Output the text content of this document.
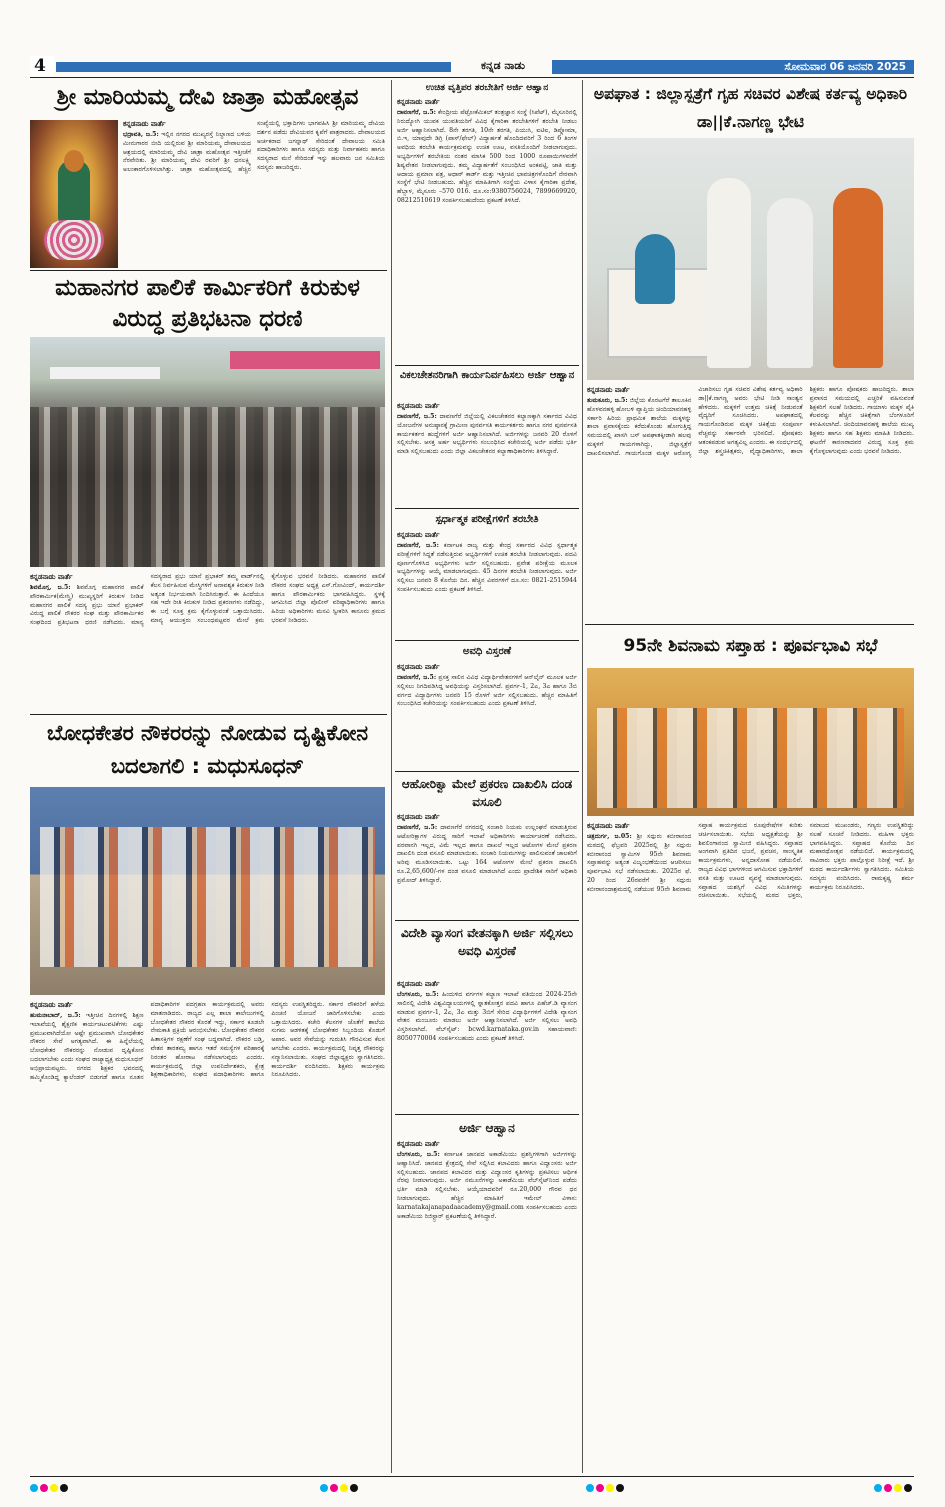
4	ಕನ್ನಡ ನಾಡು	ಸೋಮವಾರ 06 ಜನವರಿ 2025
ಶ್ರೀ ಮಾರಿಯಮ್ಮ ದೇವಿ ಜಾತ್ರಾ ಮಹೋತ್ಸವ
ಕನ್ನಡನಾಡು ವಾರ್ತೆ
ಭದ್ರಾವತಿ, ಜ.5: ಇಲ್ಲಿನ ನಗರದ ಮುಖ್ಯರಸ್ತೆ ನಿಲ್ದಾಣದ ಬಳಿಯ ಮೀನುಗಾರರ ಬೀದಿ ಯಲ್ಲಿರುವ ಶ್ರೀ ಮಾರಿಯಮ್ಮ ದೇವಾಲಯದ ಆಶ್ರಯದಲ್ಲಿ ಮಾರಿಯಮ್ಮ ದೇವಿ ಜಾತ್ರಾ ಮಹೋತ್ಸವ ಇತ್ತೀಚೆಗೆ ನೆರವೇರಿತು. ಶ್ರೀ ಮಾರಿಯಮ್ಮ ದೇವಿ ರವರಿಗೆ ಶ್ರೀ ಧನಲಕ್ಷ್ಮಿ ಅಲಂಕಾರಗೊಳಿಸಲಾಗಿತ್ತು. ಜಾತ್ರಾ ಮಹೋತ್ಸವದಲ್ಲಿ ಹೆಚ್ಚಿನ ಸಂಖ್ಯೆಯಲ್ಲಿ ಭಕ್ತಾದಿಗಳು ಭಾಗವಹಿಸಿ ಶ್ರೀ ಮಾರಿಯಮ್ಮ ದೇವಿಯ ದರ್ಶನ ಪಡೆದು ದೇವಿಯವರ ಕೃಪೆಗೆ ಪಾತ್ರರಾದರು. ದೇವಾಲಯದ ಅರ್ಚಕರಾದ ಜಗನ್ನಾಥ್ ಸೇರಿದಂತೆ ದೇವಾಲಯ ಸಮಿತಿ ಪದಾಧಿಕಾರಿಗಳು ಹಾಗೂ ಸದಸ್ಯರು ಮತ್ತು ನಿರ್ವಾಹಕರು ಹಾಗೂ ಸದಸ್ಯರಾದ ಮನೆ ಸೇರಿದಂತೆ ಇನ್ನು ಹಲವಾರು ಜನ ಸಮಿತಿಯ ಸದಸ್ಯರು ಹಾಜರಿದ್ದರು.
ಮಹಾನಗರ ಪಾಲಿಕೆ ಕಾರ್ಮಿಕರಿಗೆ ಕಿರುಕುಳ ವಿರುದ್ಧ ಪ್ರತಿಭಟನಾ ಧರಣಿ
ಕನ್ನಡನಾಡು ವಾರ್ತೆ
ಶಿವಮೊಗ್ಗ, ಜ.5: ಶಿವಮೊಗ್ಗ ಮಹಾನಗರ ಪಾಲಿಕೆ ಪೌರಕಾರ್ಮಿಕ(ಮೇಸ್ತ್ರಿ) ಮುಖ್ಯಸ್ಥರಿಗೆ ಕಿರುಕುಳ ನೀಡಿದ ಮಹಾನಗರ ಪಾಲಿಕೆ ಸದಸ್ಯ ಪ್ರಭು ಯಾನೆ ಪ್ರಭಾಕರ್ ವಿರುದ್ಧ ಪಾಲಿಕೆ ನೌಕರರ ಸಂಘ ಮತ್ತು ಪೌರಕಾರ್ಮಿಕರ ಸಂಘದಿಂದ ಪ್ರತಿಭಟನಾ ಧರಣಿ ನಡೆಸಿದರು. ಮಾನ್ಯ ಸದಸ್ಯರಾದ ಪ್ರಭು ಯಾನೆ ಪ್ರಭಾಕರ್ ತಮ್ಮ ವಾರ್ಡ್‌ನಲ್ಲಿ ಕೆಲಸ ನಿರ್ವಹಿಸುವ ಮೇಸ್ತ್ರಿಗಳಿಗೆ ಅನಾವಶ್ಯಕ ಕಿರುಕುಳ ನೀಡಿ ಅತ್ಯಂತ ನಿರ್ಭಯವಾಗಿ ನಿಂದಿಸಿರುತ್ತಾರೆ. ಈ ಹಿಂದೆಯೂ ಸಹ ಇದೇ ರೀತಿ ಕಿರುಕುಳ ನೀಡಿದ ಪ್ರಕರಣಗಳು ನಡೆದಿದ್ದು, ಈ ಬಗ್ಗೆ ಸೂಕ್ತ ಕ್ರಮ ಕೈಗೊಳ್ಳುವಂತೆ ಒತ್ತಾಯಿಸಿದರು. ಮಾನ್ಯ ಆಯುಕ್ತರು ಸಂಬಂಧಪಟ್ಟವರ ಮೇಲೆ ಕ್ರಮ ಕೈಗೊಳ್ಳುವ ಭರವಸೆ ನೀಡಿದರು. ಮಹಾನಗರ ಪಾಲಿಕೆ ನೌಕರರ ಸಂಘದ ಅಧ್ಯಕ್ಷ ಎಸ್.ಗೋವಿಂದ್, ಕಾರ್ಯದರ್ಶಿ ಹಾಗೂ ಪೌರಕಾರ್ಮಿಕರು ಭಾಗವಹಿಸಿದ್ದರು. ಸ್ಥಳಕ್ಕೆ ಆಗಮಿಸಿದ ಜಿಲ್ಲಾ ಪೊಲೀಸ್ ವರಿಷ್ಠಾಧಿಕಾರಿಗಳು ಹಾಗೂ ಹಿರಿಯ ಅಧಿಕಾರಿಗಳು ಮನವಿ ಸ್ವೀಕರಿಸಿ ಕಾನೂನು ಕ್ರಮದ ಭರವಸೆ ನೀಡಿದರು.
ಬೋಧಕೇತರ ನೌಕರರನ್ನು ನೋಡುವ ದೃಷ್ಟಿಕೋನ ಬದಲಾಗಲಿ : ಮಧುಸೂಧನ್
ಕನ್ನಡನಾಡು ವಾರ್ತೆ
ಹುಮನಾಬಾದ್, ಜ.5: ಇತ್ತೀಚಿನ ದಿನಗಳಲ್ಲಿ ಶಿಕ್ಷಣ ಇಲಾಖೆಯಲ್ಲಿ ಶೈಕ್ಷಣಿಕ ಕಾರ್ಯಚಟುವಟಿಕೆಗಳು ಎಷ್ಟು ಪ್ರಮುಖವಾಗಿದೆಯೋ ಅಷ್ಟೇ ಪ್ರಮುಖವಾಗಿ ಬೋಧಕೇತರ ನೌಕರರ ಸೇವೆ ಅಗತ್ಯವಾಗಿದೆ. ಈ ಹಿನ್ನೆಲೆಯಲ್ಲಿ ಬೋಧಕೇತರ ನೌಕರರನ್ನು ನೋಡುವ ದೃಷ್ಟಿಕೋನ ಬದಲಾಗಬೇಕು ಎಂದು ಸಂಘದ ರಾಜ್ಯಾಧ್ಯಕ್ಷ ಮಧುಸೂಧನ್ ಅಭಿಪ್ರಾಯಪಟ್ಟರು. ನಗರದ ಶಿಕ್ಷಕರ ಭವನದಲ್ಲಿ ಹಮ್ಮಿಕೊಂಡಿದ್ದ ಕ್ಯಾಲೆಂಡರ್ ಬಿಡುಗಡೆ ಹಾಗೂ ನೂತನ ಪದಾಧಿಕಾರಿಗಳ ಪದಗ್ರಹಣ ಕಾರ್ಯಕ್ರಮದಲ್ಲಿ ಅವರು ಮಾತನಾಡಿದರು. ರಾಜ್ಯದ ಎಲ್ಲ ಶಾಲಾ ಕಾಲೇಜುಗಳಲ್ಲಿ ಬೋಧಕೇತರ ನೌಕರರ ಕೊರತೆ ಇದ್ದು, ಸರ್ಕಾರ ಕೂಡಲೇ ನೇಮಕಾತಿ ಪ್ರಕ್ರಿಯೆ ಆರಂಭಿಸಬೇಕು. ಬೋಧಕೇತರ ನೌಕರರ ಹಿತಾಸಕ್ತಿಗಳ ರಕ್ಷಣೆಗೆ ಸಂಘ ಬದ್ಧವಾಗಿದೆ. ನೌಕರರ ಬಡ್ತಿ, ವೇತನ ತಾರತಮ್ಯ ಹಾಗೂ ಇತರೆ ಸಮಸ್ಯೆಗಳ ಪರಿಹಾರಕ್ಕೆ ನಿರಂತರ ಹೋರಾಟ ನಡೆಸಲಾಗುವುದು ಎಂದರು. ಕಾರ್ಯಕ್ರಮದಲ್ಲಿ ಜಿಲ್ಲಾ ಉಪನಿರ್ದೇಶಕರು, ಕ್ಷೇತ್ರ ಶಿಕ್ಷಣಾಧಿಕಾರಿಗಳು, ಸಂಘದ ಪದಾಧಿಕಾರಿಗಳು ಹಾಗೂ ಸದಸ್ಯರು ಉಪಸ್ಥಿತರಿದ್ದರು. ಸರ್ಕಾರ ನೌಕರರಿಗೆ ಹಳೆಯ ಪಿಂಚಣಿ ಯೋಜನೆ ಜಾರಿಗೊಳಿಸಬೇಕು ಎಂದು ಒತ್ತಾಯಿಸಿದರು. ಕಚೇರಿ ಕೆಲಸಗಳ ಜೊತೆಗೆ ಶಾಲೆಯ ಸುಗಮ ಆಡಳಿತಕ್ಕೆ ಬೋಧಕೇತರ ಸಿಬ್ಬಂದಿಯ ಕೊಡುಗೆ ಅಪಾರ. ಅವರ ಸೇವೆಯನ್ನು ಗುರುತಿಸಿ ಗೌರವಿಸುವ ಕೆಲಸ ಆಗಬೇಕು ಎಂದರು. ಕಾರ್ಯಕ್ರಮದಲ್ಲಿ ನಿವೃತ್ತ ನೌಕರರನ್ನು ಸನ್ಮಾನಿಸಲಾಯಿತು. ಸಂಘದ ಜಿಲ್ಲಾಧ್ಯಕ್ಷರು ಸ್ವಾಗತಿಸಿದರು. ಕಾರ್ಯದರ್ಶಿ ವಂದಿಸಿದರು. ಶಿಕ್ಷಕರು ಕಾರ್ಯಕ್ರಮ ನಿರೂಪಿಸಿದರು.
ಉಚಿತ ವೃತ್ತಿಪರ ತರಬೇತಿಗೆ ಅರ್ಜಿ ಆಹ್ವಾನ
ಕನ್ನಡನಾಡು ವಾರ್ತೆ
ದಾವಣಗೆರೆ, ಜ.5: ಕೇಂದ್ರೀಯ ಪೆಟ್ರೋಕೆಮಿಕಲ್ ತಂತ್ರಜ್ಞಾನ ಸಂಸ್ಥೆ (ಸಿಪೆಟ್), ಮೈಸೂರಿನಲ್ಲಿ ನಿರುದ್ಯೋಗಿ ಯುವಕ ಯುವತಿಯರಿಗೆ ವಿವಿಧ ಕೈಗಾರಿಕಾ ತರಬೇತಿಗಳಿಗೆ ತರಬೇತಿ ನೀಡಲು ಅರ್ಜಿ ಆಹ್ವಾನಿಸಲಾಗಿದೆ. 8ನೇ ತರಗತಿ, 10ನೇ ತರಗತಿ, ಪಿಯುಸಿ, ಐಟಿಐ, ಡಿಪ್ಲೋಮಾ, ಬಿ.ಇ, ಯಾವುದೇ ಡಿಗ್ರಿ (ಪಾಸ್/ಫೇಲ್) ವಿದ್ಯಾರ್ಹತೆ ಹೊಂದಿದವರಿಗೆ 3 ರಿಂದ 6 ತಿಂಗಳ ಅವಧಿಯ ತರಬೇತಿ ಕಾರ್ಯಕ್ರಮವನ್ನು ಉಚಿತ ಊಟ, ವಸತಿಯೊಂದಿಗೆ ನೀಡಲಾಗುವುದು. ಅಭ್ಯರ್ಥಿಗಳಿಗೆ ತರಬೇತಿಯ ನಂತರ ಮಾಸಿಕ 500 ರಿಂದ 1000 ರೂಪಾಯಿಗಳವರೆಗೆ ಶಿಷ್ಯವೇತನ ನೀಡಲಾಗುವುದು. ತಮ್ಮ ವಿದ್ಯಾರ್ಹತೆಗೆ ಸಂಬಂಧಿಸಿದ ಅಂಕಪಟ್ಟಿ, ಜಾತಿ ಮತ್ತು ಆದಾಯ ಪ್ರಮಾಣ ಪತ್ರ, ಆಧಾರ್ ಕಾರ್ಡ್ ಮತ್ತು ಇತ್ತೀಚಿನ ಭಾವಚಿತ್ರಗಳೊಂದಿಗೆ ನೇರವಾಗಿ ಸಂಸ್ಥೆಗೆ ಭೇಟಿ ನೀಡಬಹುದು. ಹೆಚ್ಚಿನ ಮಾಹಿತಿಗಾಗಿ ಸಂಸ್ಥೆಯ ವಿಳಾಸ ಕೈಗಾರಿಕಾ ಪ್ರದೇಶ, ಹೆಬ್ಬಾಳ, ಮೈಸೂರು –570 016. ದೂ.ಸಂ:9380756024, 7899669920, 08212510619 ಸಂಪರ್ಕಿಸಬಹುದೆಂದು ಪ್ರಕಟಣೆ ತಿಳಿಸಿದೆ.
ವಿಕಲಚೇತನರಿಗಾಗಿ ಕಾರ್ಯನಿರ್ವಹಿಸಲು ಅರ್ಜಿ ಆಹ್ವಾನ
ಕನ್ನಡನಾಡು ವಾರ್ತೆ
ದಾವಣಗೆರೆ, ಜ.5: ದಾವಣಗೆರೆ ಜಿಲ್ಲೆಯಲ್ಲಿ ವಿಕಲಚೇತನರ ಕಲ್ಯಾಣಕ್ಕಾಗಿ ಸರ್ಕಾರದ ವಿವಿಧ ಯೋಜನೆಗಳ ಅನುಷ್ಠಾನಕ್ಕೆ ಗ್ರಾಮೀಣ ಪುನರ್ವಸತಿ ಕಾರ್ಯಕರ್ತರು ಹಾಗೂ ನಗರ ಪುನರ್ವಸತಿ ಕಾರ್ಯಕರ್ತರ ಹುದ್ದೆಗಳಿಗೆ ಅರ್ಜಿ ಆಹ್ವಾನಿಸಲಾಗಿದೆ. ಅರ್ಜಿಗಳನ್ನು ಜನವರಿ 20 ರೊಳಗೆ ಸಲ್ಲಿಸಬೇಕು. ಆಸಕ್ತ ಅರ್ಹ ಅಭ್ಯರ್ಥಿಗಳು ಸಂಬಂಧಿಸಿದ ಕಚೇರಿಯಲ್ಲಿ ಅರ್ಜಿ ಪಡೆದು ಭರ್ತಿ ಮಾಡಿ ಸಲ್ಲಿಸಬಹುದು ಎಂದು ಜಿಲ್ಲಾ ವಿಕಲಚೇತನರ ಕಲ್ಯಾಣಾಧಿಕಾರಿಗಳು ತಿಳಿಸಿದ್ದಾರೆ.
ಸ್ಪರ್ಧಾತ್ಮಕ ಪರೀಕ್ಷೆಗಳಿಗೆ ತರಬೇತಿ
ಕನ್ನಡನಾಡು ವಾರ್ತೆ
ದಾವಣಗೆರೆ, ಜ.5: ಕರ್ನಾಟಕ ರಾಜ್ಯ ಮತ್ತು ಕೇಂದ್ರ ಸರ್ಕಾರದ ವಿವಿಧ ಸ್ಪರ್ಧಾತ್ಮಕ ಪರೀಕ್ಷೆಗಳಿಗೆ ಸಿದ್ಧತೆ ನಡೆಸುತ್ತಿರುವ ಅಭ್ಯರ್ಥಿಗಳಿಗೆ ಉಚಿತ ತರಬೇತಿ ನೀಡಲಾಗುವುದು. ಪದವಿ ಪೂರ್ಣಗೊಳಿಸಿದ ಅಭ್ಯರ್ಥಿಗಳು ಅರ್ಜಿ ಸಲ್ಲಿಸಬಹುದು. ಪ್ರವೇಶ ಪರೀಕ್ಷೆಯ ಮೂಲಕ ಅಭ್ಯರ್ಥಿಗಳನ್ನು ಆಯ್ಕೆ ಮಾಡಲಾಗುವುದು. 45 ದಿನಗಳ ತರಬೇತಿ ನೀಡಲಾಗುವುದು. ಅರ್ಜಿ ಸಲ್ಲಿಸಲು ಜನವರಿ 8 ಕೊನೆಯ ದಿನ. ಹೆಚ್ಚಿನ ವಿವರಗಳಿಗೆ ದೂ.ಸಂ: 0821-2515944 ಸಂಪರ್ಕಿಸಬಹುದು ಎಂದು ಪ್ರಕಟಣೆ ತಿಳಿಸಿದೆ.
ಅವಧಿ ವಿಸ್ತರಣೆ
ಕನ್ನಡನಾಡು ವಾರ್ತೆ
ದಾವಣಗೆರೆ, ಜ.5: ಪ್ರಸಕ್ತ ಸಾಲಿನ ವಿವಿಧ ವಿದ್ಯಾರ್ಥಿವೇತನಗಳಿಗೆ ಆನ್‌ಲೈನ್ ಮೂಲಕ ಅರ್ಜಿ ಸಲ್ಲಿಸಲು ನಿಗದಿಪಡಿಸಿದ್ದ ಅವಧಿಯನ್ನು ವಿಸ್ತರಿಸಲಾಗಿದೆ. ಪ್ರವರ್ಗ-1, 2ಎ, 3ಎ ಹಾಗೂ 3ಬಿ ವರ್ಗದ ವಿದ್ಯಾರ್ಥಿಗಳು ಜನವರಿ 15 ರೊಳಗೆ ಅರ್ಜಿ ಸಲ್ಲಿಸಬಹುದು. ಹೆಚ್ಚಿನ ಮಾಹಿತಿಗೆ ಸಂಬಂಧಿಸಿದ ಕಚೇರಿಯನ್ನು ಸಂಪರ್ಕಿಸಬಹುದು ಎಂದು ಪ್ರಕಟಣೆ ತಿಳಿಸಿದೆ.
ಆಹೋರಿಕ್ವಾ ಮೇಲೆ ಪ್ರಕರಣ ದಾಖಲಿಸಿ ದಂಡ ವಸೂಲಿ
ಕನ್ನಡನಾಡು ವಾರ್ತೆ
ದಾವಣಗೆರೆ, ಜ.5: ದಾವಣಗೆರೆ ನಗರದಲ್ಲಿ ಸಂಚಾರಿ ನಿಯಮ ಉಲ್ಲಂಘನೆ ಮಾಡುತ್ತಿರುವ ಆಟೋರಿಕ್ಷಾಗಳ ವಿರುದ್ಧ ಸಾರಿಗೆ ಇಲಾಖೆ ಅಧಿಕಾರಿಗಳು ಕಾರ್ಯಾಚರಣೆ ನಡೆಸಿದರು. ಪರವಾನಗಿ ಇಲ್ಲದ, ವಿಮೆ ಇಲ್ಲದ ಹಾಗೂ ದಾಖಲೆ ಇಲ್ಲದ ಆಟೋಗಳ ಮೇಲೆ ಪ್ರಕರಣ ದಾಖಲಿಸಿ ದಂಡ ವಸೂಲಿ ಮಾಡಲಾಯಿತು. ಸಂಚಾರಿ ನಿಯಮಗಳನ್ನು ಪಾಲಿಸುವಂತೆ ಚಾಲಕರಿಗೆ ಅರಿವು ಮೂಡಿಸಲಾಯಿತು. ಒಟ್ಟು 164 ಆಟೋಗಳ ಮೇಲೆ ಪ್ರಕರಣ ದಾಖಲಿಸಿ ರೂ.2,65,600/-ಗಳ ದಂಡ ವಸೂಲಿ ಮಾಡಲಾಗಿದೆ ಎಂದು ಪ್ರಾದೇಶಿಕ ಸಾರಿಗೆ ಅಧಿಕಾರಿ ಪ್ರಮೋದ್ ತಿಳಿಸಿದ್ದಾರೆ.
ವಿದೇಶಿ ವ್ಯಾಸಂಗ ವೇತನಕ್ಕಾಗಿ ಅರ್ಜಿ ಸಲ್ಲಿಸಲು ಅವಧಿ ವಿಸ್ತರಣೆ
ಕನ್ನಡನಾಡು ವಾರ್ತೆ
ಬೆಂಗಳೂರು, ಜ.5: ಹಿಂದುಳಿದ ವರ್ಗಗಳ ಕಲ್ಯಾಣ ಇಲಾಖೆ ವತಿಯಿಂದ 2024-25ನೇ ಸಾಲಿನಲ್ಲಿ ವಿದೇಶಿ ವಿಶ್ವವಿದ್ಯಾಲಯಗಳಲ್ಲಿ ಸ್ನಾತಕೋತ್ತರ ಪದವಿ ಹಾಗೂ ಪಿಹೆಚ್.ಡಿ ವ್ಯಾಸಂಗ ಮಾಡುವ ಪ್ರವರ್ಗ-1, 2ಎ, 3ಎ ಮತ್ತು 3ಬಿಗೆ ಸೇರಿದ ವಿದ್ಯಾರ್ಥಿಗಳಿಗೆ ವಿದೇಶಿ ವ್ಯಾಸಂಗ ವೇತನ ಮಂಜೂರು ಮಾಡಲು ಅರ್ಜಿ ಆಹ್ವಾನಿಸಲಾಗಿದೆ. ಅರ್ಜಿ ಸಲ್ಲಿಸಲು ಅವಧಿ ವಿಸ್ತರಿಸಲಾಗಿದೆ. ವೆಬ್‌ಸೈಟ್: bcwd.karnataka.gov.in ಸಹಾಯವಾಣಿ: 8050770004 ಸಂಪರ್ಕಿಸಬಹುದು ಎಂದು ಪ್ರಕಟಣೆ ತಿಳಿಸಿದೆ.
ಅರ್ಜಿ ಆಹ್ವಾನ
ಕನ್ನಡನಾಡು ವಾರ್ತೆ
ಬೆಂಗಳೂರು, ಜ.5: ಕರ್ನಾಟಕ ಜಾನಪದ ಅಕಾಡೆಮಿಯು ಪ್ರಶಸ್ತಿಗಳಿಗಾಗಿ ಅರ್ಜಿಗಳನ್ನು ಆಹ್ವಾನಿಸಿದೆ. ಜಾನಪದ ಕ್ಷೇತ್ರದಲ್ಲಿ ಸೇವೆ ಸಲ್ಲಿಸಿದ ಕಲಾವಿದರು ಹಾಗೂ ವಿದ್ವಾಂಸರು ಅರ್ಜಿ ಸಲ್ಲಿಸಬಹುದು. ಜಾನಪದ ಕಲಾವಿದರ ಮತ್ತು ವಿದ್ವಾಂಸರ ಕೃತಿಗಳನ್ನು ಪ್ರಕಟಿಸಲು ಆರ್ಥಿಕ ನೆರವು ನೀಡಲಾಗುವುದು. ಅರ್ಜಿ ನಮೂನೆಗಳನ್ನು ಅಕಾಡೆಮಿಯ ವೆಬ್‌ಸೈಟ್‌ನಿಂದ ಪಡೆದು ಭರ್ತಿ ಮಾಡಿ ಸಲ್ಲಿಸಬೇಕು. ಆಯ್ಕೆಯಾದವರಿಗೆ ರೂ.20,000 ಗೌರವ ಧನ ನೀಡಲಾಗುವುದು. ಹೆಚ್ಚಿನ ಮಾಹಿತಿಗೆ ಇಮೇಲ್ ವಿಳಾಸ: karnatakajanapadaacademy@gmail.com ಸಂಪರ್ಕಿಸಬಹುದು ಎಂದು ಅಕಾಡೆಮಿಯ ರಿಜಿಸ್ಟ್ರಾರ್ ಪ್ರಕಟಣೆಯಲ್ಲಿ ತಿಳಿಸಿದ್ದಾರೆ.
ಅಪಘಾತ : ಜಿಲ್ಲಾಸ್ಪತ್ರೆಗೆ ಗೃಹ ಸಚಿವರ ವಿಶೇಷ ಕರ್ತವ್ಯ ಅಧಿಕಾರಿ ಡಾ||ಕೆ.ನಾಗಣ್ಣ ಭೇಟಿ
ಕನ್ನಡನಾಡು ವಾರ್ತೆ
ತುಮಕೂರು, ಜ.5: ಜಿಲ್ಲೆಯ ಕೊರಟಗೆರೆ ತಾಲೂಕಿನ ಹೊಳವನಹಳ್ಳಿ ಹೋಬಳಿ ವ್ಯಾಪ್ತಿಯ ಚಿಂದಿಯಾವನಹಳ್ಳಿ ಸರ್ಕಾರಿ ಹಿರಿಯ ಪ್ರಾಥಮಿಕ ಶಾಲೆಯ ಮಕ್ಕಳನ್ನು ಶಾಲಾ ಪ್ರವಾಸಕ್ಕೆಂದು ಕರೆದುಕೊಂಡು ಹೋಗುತ್ತಿದ್ದ ಸಮಯದಲ್ಲಿ ಖಾಸಗಿ ಬಸ್ ಅಪಘಾತಕ್ಕೀಡಾಗಿ ಹಲವು ಮಕ್ಕಳಿಗೆ ಗಾಯಗಳಾಗಿದ್ದು, ಜಿಲ್ಲಾಸ್ಪತ್ರೆಗೆ ದಾಖಲಿಸಲಾಗಿದೆ. ಗಾಯಗೊಂಡ ಮಕ್ಕಳ ಆರೋಗ್ಯ ವಿಚಾರಿಸಲು ಗೃಹ ಸಚಿವರ ವಿಶೇಷ ಕರ್ತವ್ಯ ಅಧಿಕಾರಿ ಡಾ||ಕೆ.ನಾಗಣ್ಣ ಅವರು ಭೇಟಿ ನೀಡಿ ಸಾಂತ್ವನ ಹೇಳಿದರು. ಮಕ್ಕಳಿಗೆ ಉತ್ತಮ ಚಿಕಿತ್ಸೆ ನೀಡುವಂತೆ ವೈದ್ಯರಿಗೆ ಸೂಚಿಸಿದರು. ಅಪಘಾತದಲ್ಲಿ ಗಾಯಗೊಂಡಿರುವ ಮಕ್ಕಳ ಚಿಕಿತ್ಸೆಯ ಸಂಪೂರ್ಣ ವೆಚ್ಚವನ್ನು ಸರ್ಕಾರವೇ ಭರಿಸಲಿದೆ. ಪೋಷಕರು ಆತಂಕಪಡುವ ಅಗತ್ಯವಿಲ್ಲ ಎಂದರು. ಈ ಸಂದರ್ಭದಲ್ಲಿ ಜಿಲ್ಲಾ ಶಸ್ತ್ರಚಿಕಿತ್ಸಕರು, ವೈದ್ಯಾಧಿಕಾರಿಗಳು, ಶಾಲಾ ಶಿಕ್ಷಕರು ಹಾಗೂ ಪೋಷಕರು ಹಾಜರಿದ್ದರು. ಶಾಲಾ ಪ್ರವಾಸದ ಸಮಯದಲ್ಲಿ ಎಚ್ಚರಿಕೆ ವಹಿಸುವಂತೆ ಶಿಕ್ಷಕರಿಗೆ ಸಲಹೆ ನೀಡಿದರು. ಗಾಯಾಳು ಮಕ್ಕಳ ಪೈಕಿ ಕೆಲವರನ್ನು ಹೆಚ್ಚಿನ ಚಿಕಿತ್ಸೆಗಾಗಿ ಬೆಂಗಳೂರಿಗೆ ಕಳುಹಿಸಲಾಗಿದೆ. ಚಿಂದಿಯಾವನಹಳ್ಳಿ ಶಾಲೆಯ ಮುಖ್ಯ ಶಿಕ್ಷಕರು ಹಾಗೂ ಸಹ ಶಿಕ್ಷಕರು ಮಾಹಿತಿ ನೀಡಿದರು. ಘಟನೆಗೆ ಕಾರಣರಾದವರ ವಿರುದ್ಧ ಸೂಕ್ತ ಕ್ರಮ ಕೈಗೊಳ್ಳಲಾಗುವುದು ಎಂದು ಭರವಸೆ ನೀಡಿದರು.
95ನೇ ಶಿವನಾಮ ಸಪ್ತಾಹ : ಪೂರ್ವಭಾವಿ ಸಭೆ
ಕನ್ನಡನಾಡು ವಾರ್ತೆ
ಚಿತ್ರದುರ್ಗ, ಜ.05: ಶ್ರೀ ಸದ್ಗುರು ಕಬೀರಾನಂದ ಮಠದಲ್ಲಿ ಫೆಬ್ರವರಿ 2025ರಲ್ಲಿ ಶ್ರೀ ಸದ್ಗುರು ಕಬೀರಾನಂದ ಸ್ವಾಮಿಗಳ 95ನೇ ಶಿವನಾಮ ಸಪ್ತಾಹವನ್ನು ಅತ್ಯಂತ ವಿಜೃಂಭಣೆಯಿಂದ ಆಚರಿಸಲು ಪೂರ್ವಭಾವಿ ಸಭೆ ನಡೆಸಲಾಯಿತು. 2025ರ ಫೆ. 20 ರಿಂದ 26ರವರೆಗೆ ಶ್ರೀ ಸದ್ಗುರು ಕಬೀರಾನಂದಾಶ್ರಮದಲ್ಲಿ ನಡೆಯುವ 95ನೇ ಶಿವನಾಮ ಸಪ್ತಾಹ ಕಾರ್ಯಕ್ರಮದ ರೂಪುರೇಷೆಗಳ ಕುರಿತು ಚರ್ಚಿಸಲಾಯಿತು. ಸಭೆಯ ಅಧ್ಯಕ್ಷತೆಯನ್ನು ಶ್ರೀ ಶಿವಲಿಂಗಾನಂದ ಸ್ವಾಮೀಜಿ ವಹಿಸಿದ್ದರು. ಸಪ್ತಾಹದ ಅಂಗವಾಗಿ ಪ್ರತಿದಿನ ಭಜನೆ, ಪ್ರವಚನ, ಸಾಂಸ್ಕೃತಿಕ ಕಾರ್ಯಕ್ರಮಗಳು, ಅನ್ನದಾಸೋಹ ನಡೆಯಲಿವೆ. ರಾಜ್ಯದ ವಿವಿಧ ಭಾಗಗಳಿಂದ ಆಗಮಿಸುವ ಭಕ್ತಾದಿಗಳಿಗೆ ವಸತಿ ಮತ್ತು ಊಟದ ವ್ಯವಸ್ಥೆ ಮಾಡಲಾಗುವುದು. ಸಪ್ತಾಹದ ಯಶಸ್ಸಿಗೆ ವಿವಿಧ ಸಮಿತಿಗಳನ್ನು ರಚಿಸಲಾಯಿತು. ಸಭೆಯಲ್ಲಿ ಮಠದ ಭಕ್ತರು, ಸಮಾಜದ ಮುಖಂಡರು, ಗಣ್ಯರು ಉಪಸ್ಥಿತರಿದ್ದು ಸಲಹೆ ಸೂಚನೆ ನೀಡಿದರು. ಮಹಿಳಾ ಭಕ್ತರು ಭಾಗವಹಿಸಿದ್ದರು. ಸಪ್ತಾಹದ ಕೊನೆಯ ದಿನ ಮಹಾರಥೋತ್ಸವ ನಡೆಯಲಿದೆ. ಕಾರ್ಯಕ್ರಮದಲ್ಲಿ ಸಾವಿರಾರು ಭಕ್ತರು ಪಾಲ್ಗೊಳ್ಳುವ ನಿರೀಕ್ಷೆ ಇದೆ. ಶ್ರೀ ಮಠದ ಕಾರ್ಯದರ್ಶಿಗಳು ಸ್ವಾಗತಿಸಿದರು. ಸಮಿತಿಯ ಸದಸ್ಯರು ವಂದಿಸಿದರು. ರಾಮಕೃಷ್ಣ ಶರ್ಮ ಕಾರ್ಯಕ್ರಮ ನಿರೂಪಿಸಿದರು.
